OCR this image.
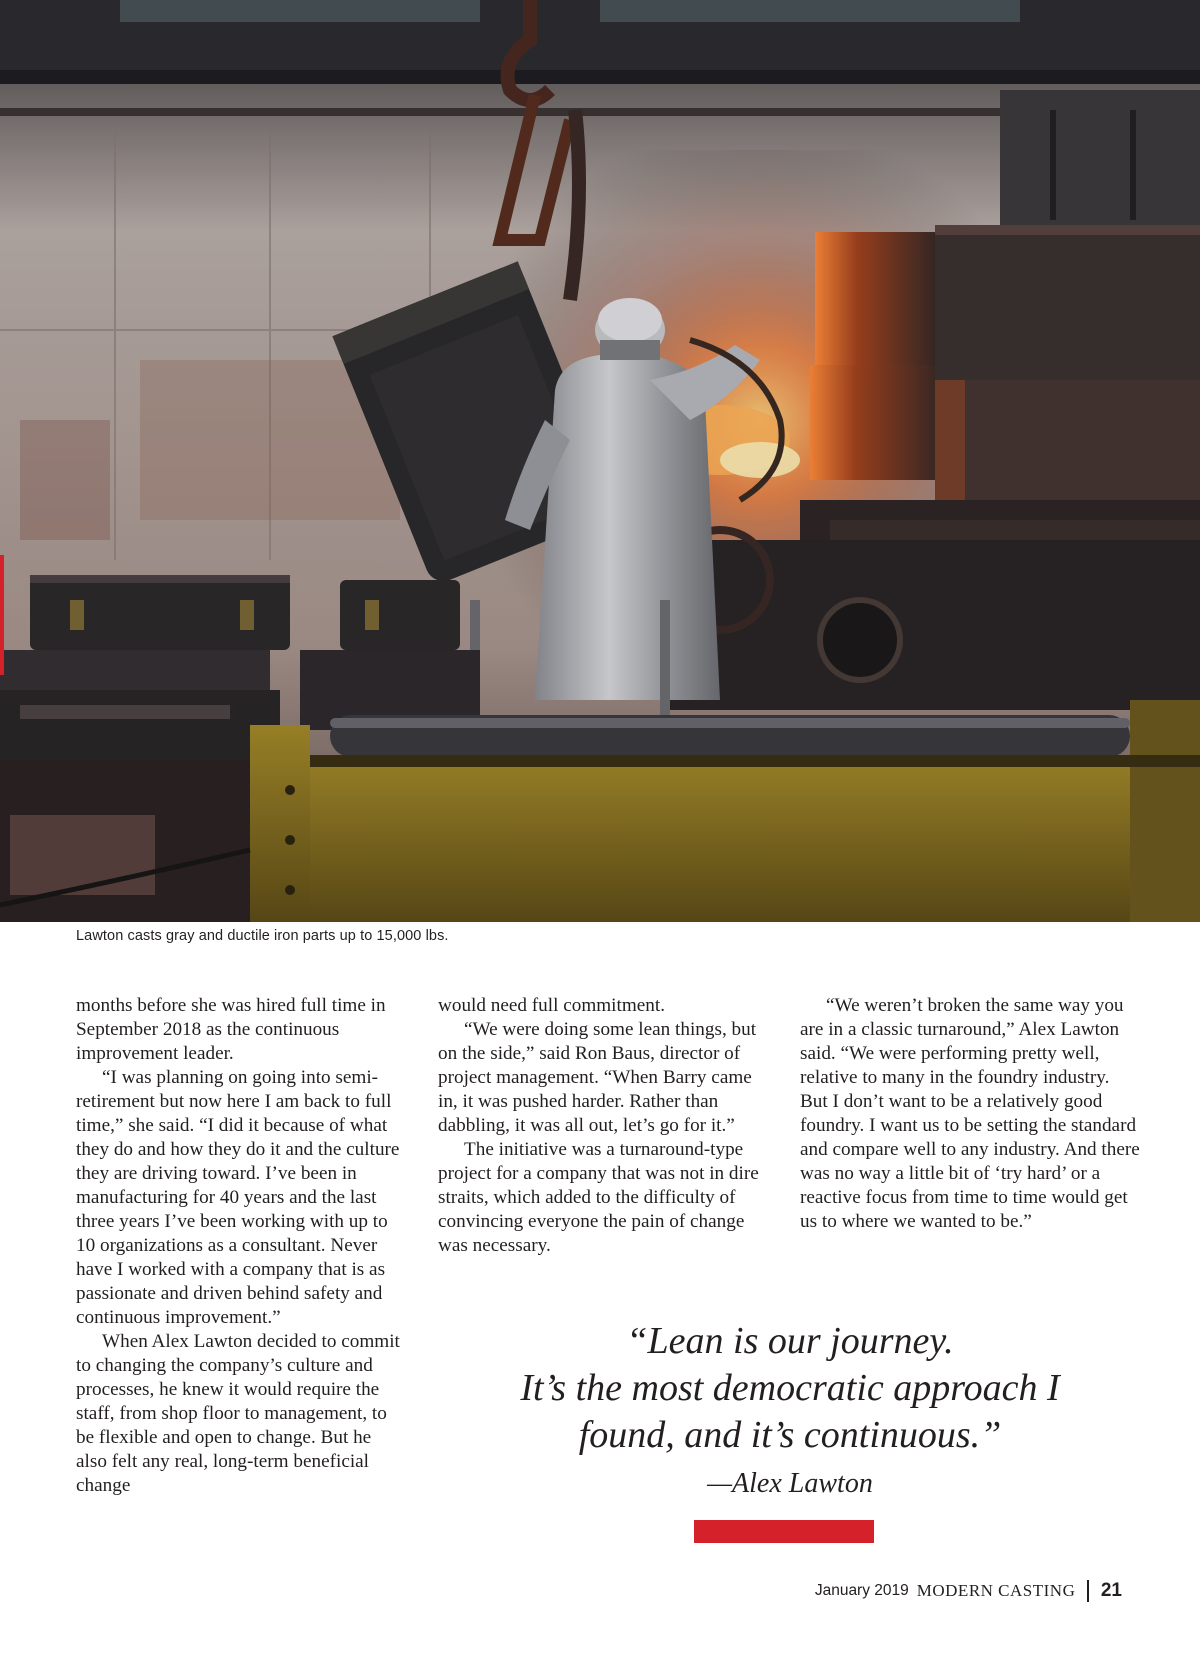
Lawton casts gray and ductile iron parts up to 15,000 lbs.

months before she was hired full time in September 2018 as the continuous improvement leader.

“I was planning on going into semi-retirement but now here I am back to full time,” she said. “I did it because of what they do and how they do it and the culture they are driving toward. I’ve been in manufacturing for 40 years and the last three years I’ve been working with up to 10 organizations as a consultant. Never have I worked with a company that is as passionate and driven behind safety and continuous improvement.”

When Alex Lawton decided to commit to changing the company’s culture and processes, he knew it would require the staff, from shop floor to management, to be flexible and open to change. But he also felt any real, long-term beneficial change

would need full commitment.

“We were doing some lean things, but on the side,” said Ron Baus, director of project management. “When Barry came in, it was pushed harder. Rather than dabbling, it was all out, let’s go for it.”

The initiative was a turnaround-type project for a company that was not in dire straits, which added to the difficulty of convincing everyone the pain of change was necessary.

“We weren’t broken the same way you are in a classic turnaround,” Alex Lawton said. “We were performing pretty well, relative to many in the foundry industry. But I don’t want to be a relatively good foundry. I want us to be setting the standard and compare well to any industry. And there was no way a little bit of ‘try hard’ or a reactive focus from time to time would get us to where we wanted to be.”

“Lean is our journey.

It’s the most democratic approach I

found, and it’s continuous.”

—Alex Lawton
January 2019 MODERN CASTING 21
